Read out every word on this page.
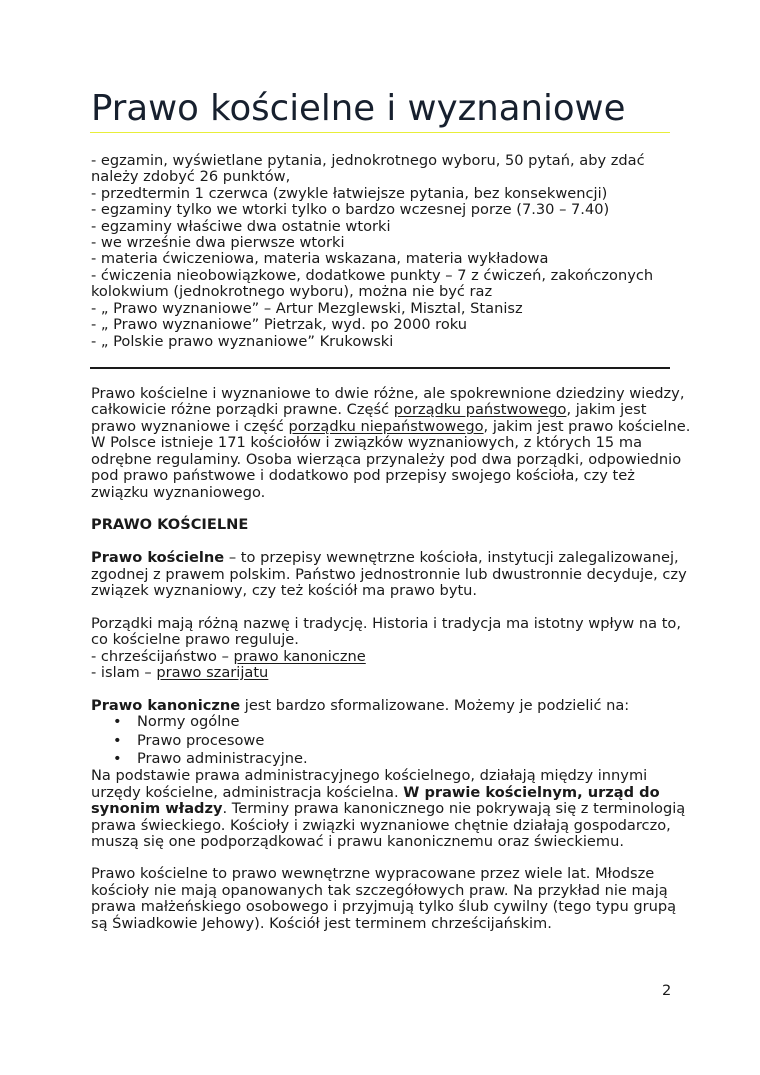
Prawo kościelne i wyznaniowe
- egzamin, wyświetlane pytania, jednokrotnego wyboru, 50 pytań, aby zdać
należy zdobyć 26 punktów,
- przedtermin 1 czerwca (zwykle łatwiejsze pytania, bez konsekwencji)
- egzaminy tylko we wtorki tylko o bardzo wczesnej porze (7.30 – 7.40)
- egzaminy właściwe dwa ostatnie wtorki
- we wrześnie dwa pierwsze wtorki
- materia ćwiczeniowa, materia wskazana, materia wykładowa
- ćwiczenia nieobowiązkowe, dodatkowe punkty – 7 z ćwiczeń, zakończonych
kolokwium (jednokrotnego wyboru), można nie być raz
- „ Prawo wyznaniowe” – Artur Mezglewski, Misztal, Stanisz
- „ Prawo wyznaniowe” Pietrzak, wyd. po 2000 roku
- „ Polskie prawo wyznaniowe” Krukowski
Prawo kościelne i wyznaniowe to dwie różne, ale spokrewnione dziedziny wiedzy,
całkowicie różne porządki prawne. Część porządku państwowego, jakim jest
prawo wyznaniowe i część porządku niepaństwowego, jakim jest prawo kościelne.
W Polsce istnieje 171 kościołów i związków wyznaniowych, z których 15 ma
odrębne regulaminy. Osoba wierząca przynależy pod dwa porządki, odpowiednio
pod prawo państwowe i dodatkowo pod przepisy swojego kościoła, czy też
związku wyznaniowego.
PRAWO KOŚCIELNE
Prawo kościelne – to przepisy wewnętrzne kościoła, instytucji zalegalizowanej,
zgodnej z prawem polskim. Państwo jednostronnie lub dwustronnie decyduje, czy
związek wyznaniowy, czy też kościół ma prawo bytu.
Porządki mają różną nazwę i tradycję. Historia i tradycja ma istotny wpływ na to,
co kościelne prawo reguluje.
- chrześcijaństwo – prawo kanoniczne
- islam – prawo szarijatu
Prawo kanoniczne jest bardzo sformalizowane. Możemy je podzielić na:
•	Normy ogólne
•	Prawo procesowe
•	Prawo administracyjne.
Na podstawie prawa administracyjnego kościelnego, działają między innymi
urzędy kościelne, administracja kościelna. W prawie kościelnym, urząd do
synonim władzy. Terminy prawa kanonicznego nie pokrywają się z terminologią
prawa świeckiego. Kościoły i związki wyznaniowe chętnie działają gospodarczo,
muszą się one podporządkować i prawu kanonicznemu oraz świeckiemu.
Prawo kościelne to prawo wewnętrzne wypracowane przez wiele lat. Młodsze
kościoły nie mają opanowanych tak szczegółowych praw. Na przykład nie mają
prawa małżeńskiego osobowego i przyjmują tylko ślub cywilny (tego typu grupą
są Świadkowie Jehowy). Kościół jest terminem chrześcijańskim.
2
